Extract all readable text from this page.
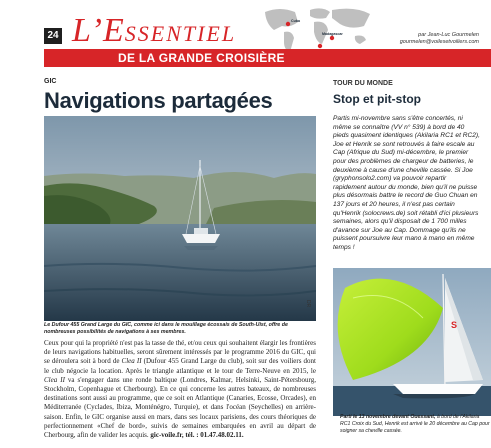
24 L’ESSENTIEL	Cuba
Madagascar	par Jean-Luc Gourmelen
gourmelen@voilesetvoiliers.com
DE LA GRANDE CROISIÈRE
GIC
Navigations partagées
DR
Le Dufour 455 Grand Large du GIC, comme ici dans le mouillage écossais de South-Uist, offre de nombreuses possibilités de navigations à ses membres.
Ceux pour qui la propriété n'est pas la tasse de thé, et/ou ceux qui souhaitent élargir les frontières de leurs navigations habituelles, seront sûrement intéressés par le programme 2016 du GIC, qui se déroulera soit à bord de Clea II (Dufour 455 Grand Large du club), soit sur des voiliers dont le club négocie la location. Après le triangle atlantique et le tour de Terre-Neuve en 2015, le Clea II va s'engager dans une ronde baltique (Londres, Kalmar, Helsinki, Saint-Pétersbourg, Stockholm, Copenhague et Cherbourg). En ce qui concerne les autres bateaux, de nombreuses destinations sont aussi au programme, que ce soit en Atlantique (Canaries, Ecosse, Orcades), en Méditerranée (Cyclades, Ibiza, Monténégro, Turquie), et dans l'océan (Seychelles) en arrière-saison. Enfin, le GIC organise aussi en mars, dans ses locaux parisiens, des cours théoriques de perfectionnement «Chef de bord», suivis de semaines embarquées en avril au départ de Cherbourg, afin de valider les acquis. gic-voile.fr, tél. : 01.47.48.02.11.
TOUR DU MONDE
Stop et pit-stop
Partis mi-novembre sans s'être concertés, ni même se connaître (VV n° 539) à bord de 40 pieds quasiment identiques (Akilaria RC1 et RC2), Joe et Henrik se sont retrouvés à faire escale au Cap (Afrique du Sud) mi-décembre, le premier pour des problèmes de chargeur de batteries, le deuxième à cause d'une cheville cassée. Si Joe (gryphonsolo2.com) va pouvoir repartir rapidement autour du monde, bien qu'il ne puisse plus désormais battre le record de Guo Chuan en 137 jours et 20 heures, il n'est pas certain qu'Henrik (solocrews.de) soit rétabli d'ici plusieurs semaines, alors qu'il disposait de 1 700 milles d'avance sur Joe au Cap. Dommage qu'ils ne puissent poursuivre leur mano à mano en même temps !
S
Parti le 13 novembre devant Ouessant, à bord de l'Akilaria RC1 Croix du Sud, Henrik est arrivé le 20 décembre au Cap pour soigner sa cheville cassée.
